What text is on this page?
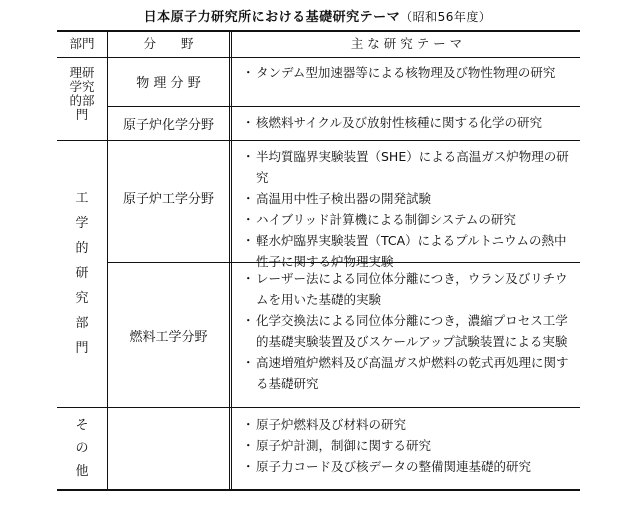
日本原子力研究所における基礎研究テーマ（昭和56年度）
部門	分　　野	主 な 研 究 テ ー マ
理研
学究
的部
門
物 理 分 野
原子炉化学分野
・ タンデム型加速器等による核物理及び物性物理の研究
・ 核燃料サイクル及び放射性核種に関する化学の研究
工
学
的
研
究
部
門
原子炉工学分野
燃料工学分野
・ 半均質臨界実験装置（SHE）による高温ガス炉物理の研究
・ 高温用中性子検出器の開発試験
・ ハイブリッド計算機による制御システムの研究
・ 軽水炉臨界実験装置（TCA）によるプルトニウムの熱中性子に関する炉物理実験
・ レーザー法による同位体分離につき，ウラン及びリチウムを用いた基礎的実験
・ 化学交換法による同位体分離につき，濃縮プロセス工学的基礎実験装置及びスケールアップ試験装置による実験
・ 高速増殖炉燃料及び高温ガス炉燃料の乾式再処理に関する基礎研究
そ
の
他
・ 原子炉燃料及び材料の研究
・ 原子炉計測，制御に関する研究
・ 原子力コード及び核データの整備関連基礎的研究
